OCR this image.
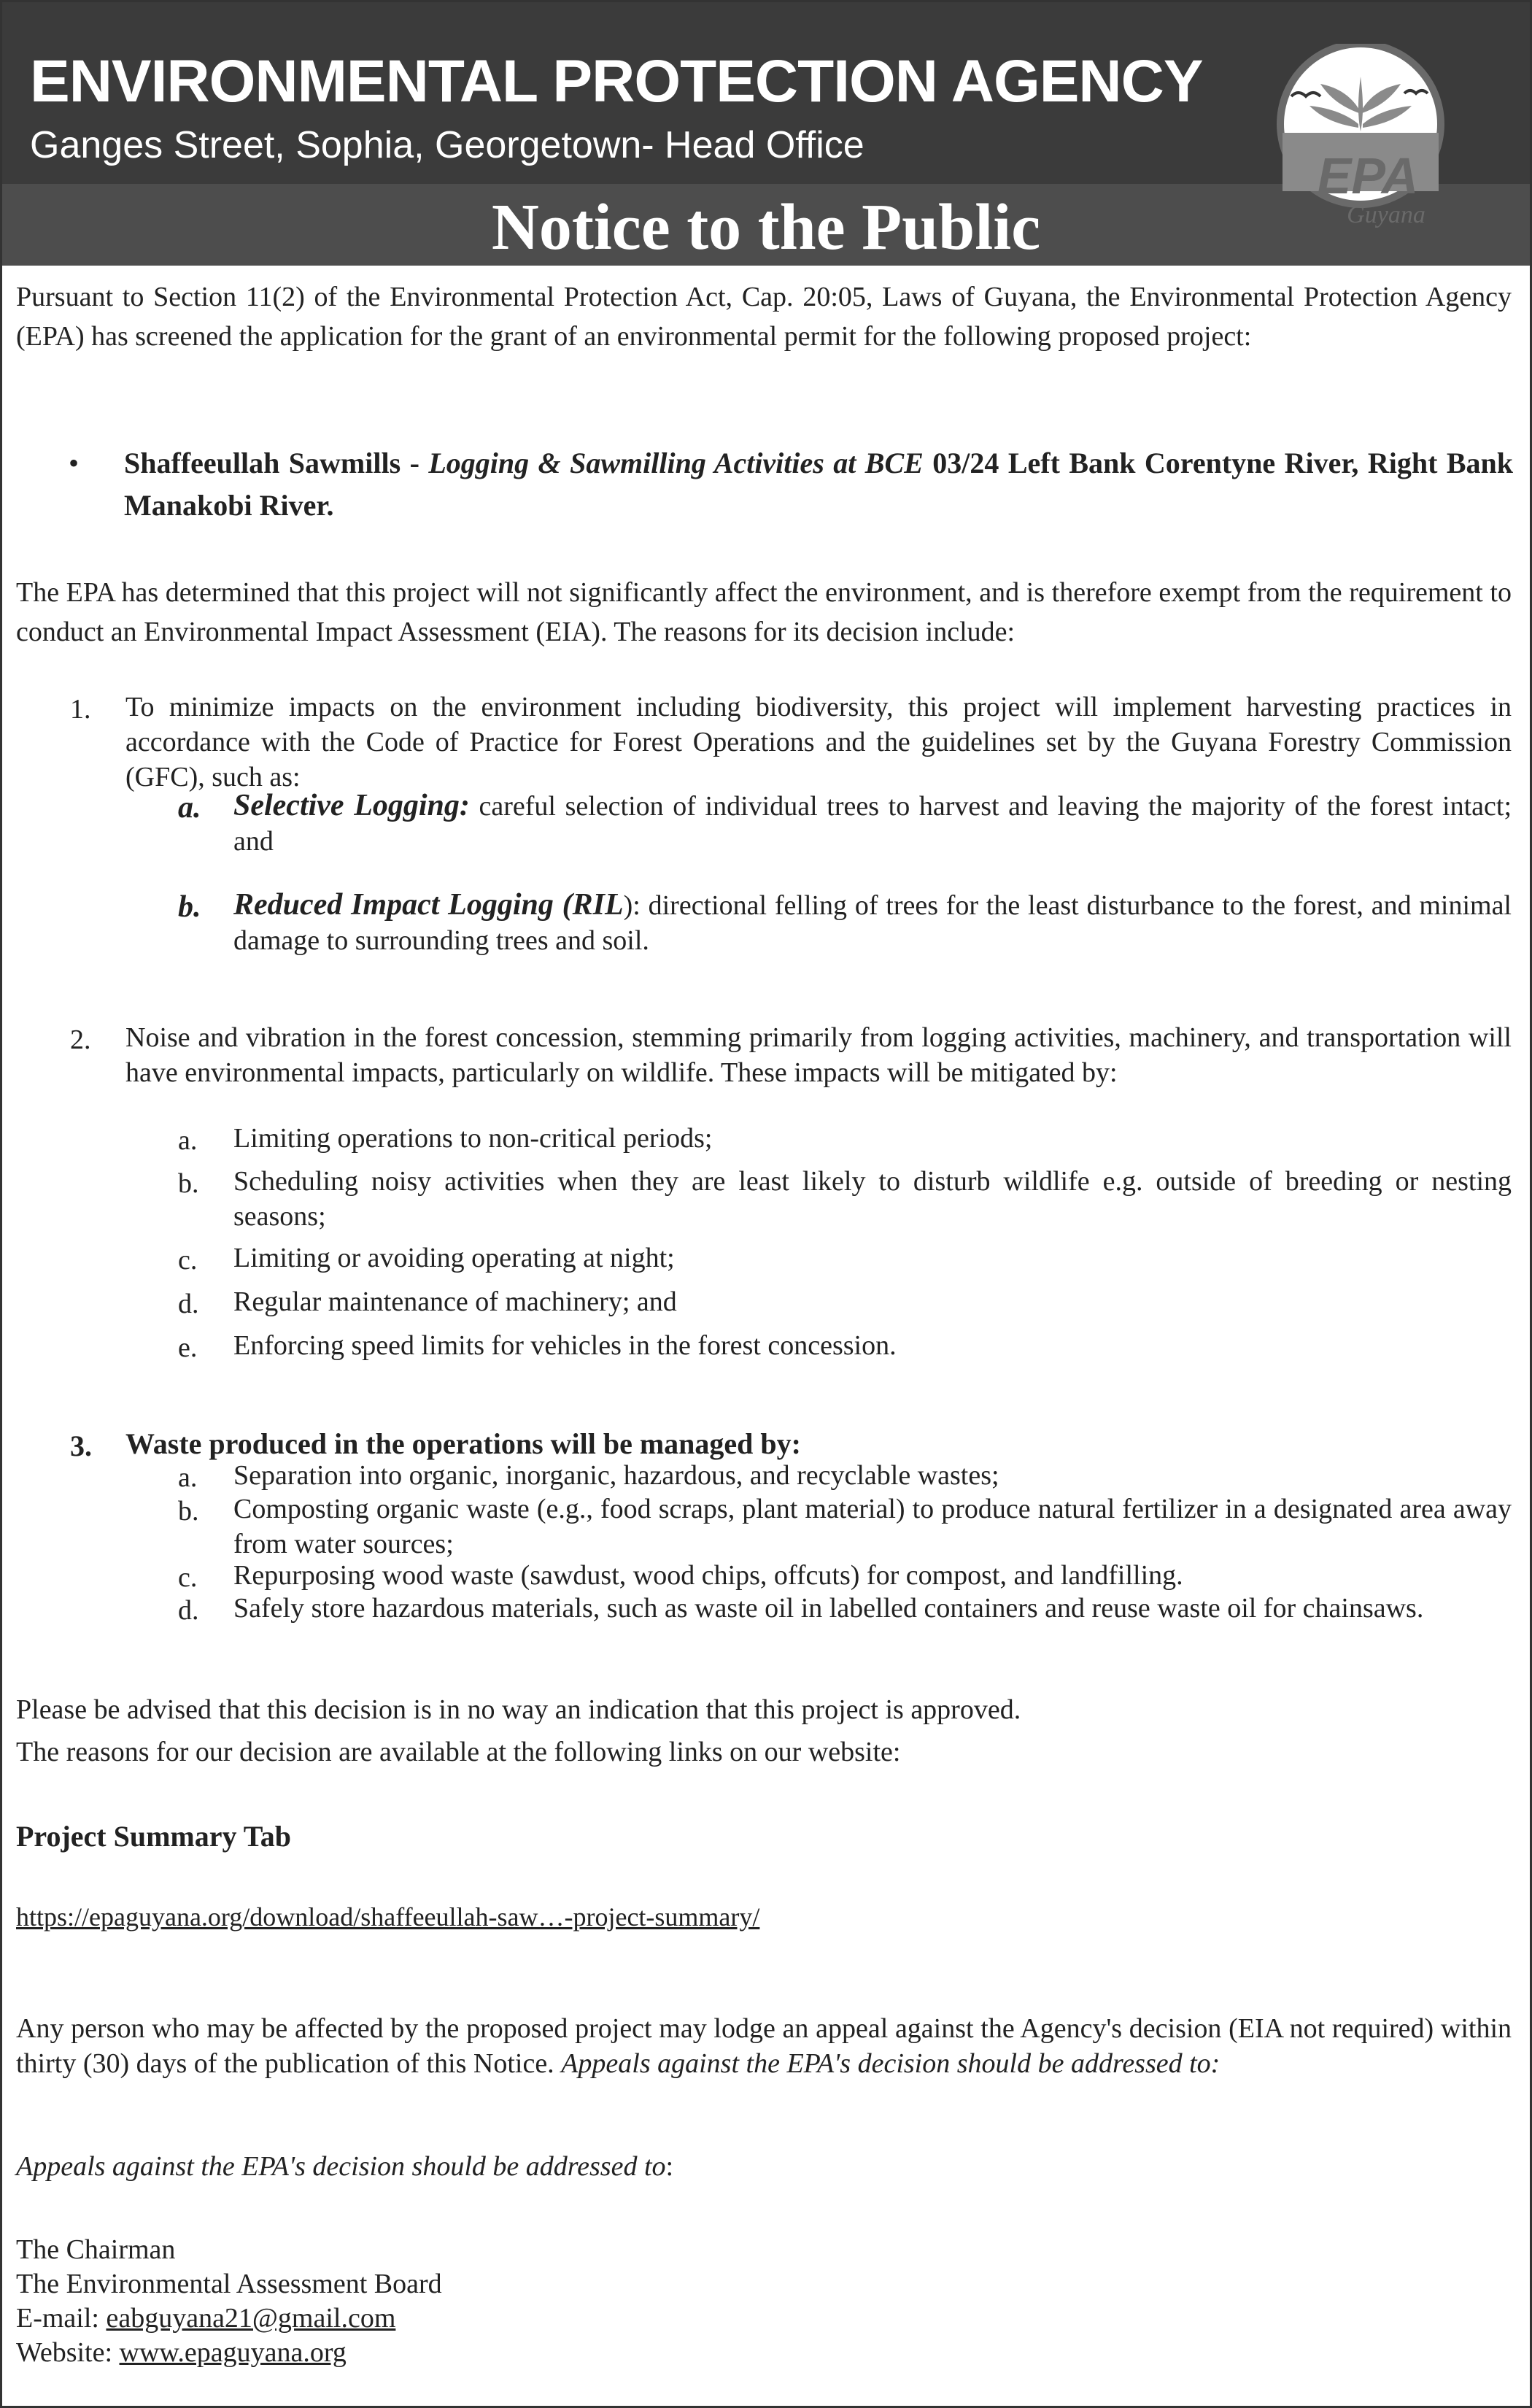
ENVIRONMENTAL PROTECTION AGENCY
Ganges Street, Sophia, Georgetown- Head Office
Notice to the Public
EPA
Guyana

Pursuant to Section 11(2) of the Environmental Protection Act, Cap. 20:05, Laws of Guyana, the Environmental Protection Agency (EPA) has screened the application for the grant of an environmental permit for the following proposed project:

• Shaffeeullah Sawmills - Logging & Sawmilling Activities at BCE 03/24 Left Bank Corentyne River, Right Bank Manakobi River.

The EPA has determined that this project will not significantly affect the environment, and is therefore exempt from the requirement to conduct an Environmental Impact Assessment (EIA). The reasons for its decision include:

1. To minimize impacts on the environment including biodiversity, this project will implement harvesting practices in accordance with the Code of Practice for Forest Operations and the guidelines set by the Guyana Forestry Commission (GFC), such as:
a. Selective Logging: careful selection of individual trees to harvest and leaving the majority of the forest intact; and
b. Reduced Impact Logging (RIL): directional felling of trees for the least disturbance to the forest, and minimal damage to surrounding trees and soil.
2. Noise and vibration in the forest concession, stemming primarily from logging activities, machinery, and transportation will have environmental impacts, particularly on wildlife. These impacts will be mitigated by:
a. Limiting operations to non-critical periods;
b. Scheduling noisy activities when they are least likely to disturb wildlife e.g. outside of breeding or nesting seasons;
c. Limiting or avoiding operating at night;
d. Regular maintenance of machinery; and
e. Enforcing speed limits for vehicles in the forest concession.
3. Waste produced in the operations will be managed by:
a. Separation into organic, inorganic, hazardous, and recyclable wastes;
b. Composting organic waste (e.g., food scraps, plant material) to produce natural fertilizer in a designated area away from water sources;
c. Repurposing wood waste (sawdust, wood chips, offcuts) for compost, and landfilling.
d. Safely store hazardous materials, such as waste oil in labelled containers and reuse waste oil for chainsaws.

Please be advised that this decision is in no way an indication that this project is approved.

The reasons for our decision are available at the following links on our website:

Project Summary Tab

https://epaguyana.org/download/shaffeeullah-saw…-project-summary/

Any person who may be affected by the proposed project may lodge an appeal against the Agency's decision (EIA not required) within thirty (30) days of the publication of this Notice. Appeals against the EPA's decision should be addressed to:

Appeals against the EPA's decision should be addressed to:

The Chairman
The Environmental Assessment Board
E-mail: eabguyana21@gmail.com
Website: www.epaguyana.org
